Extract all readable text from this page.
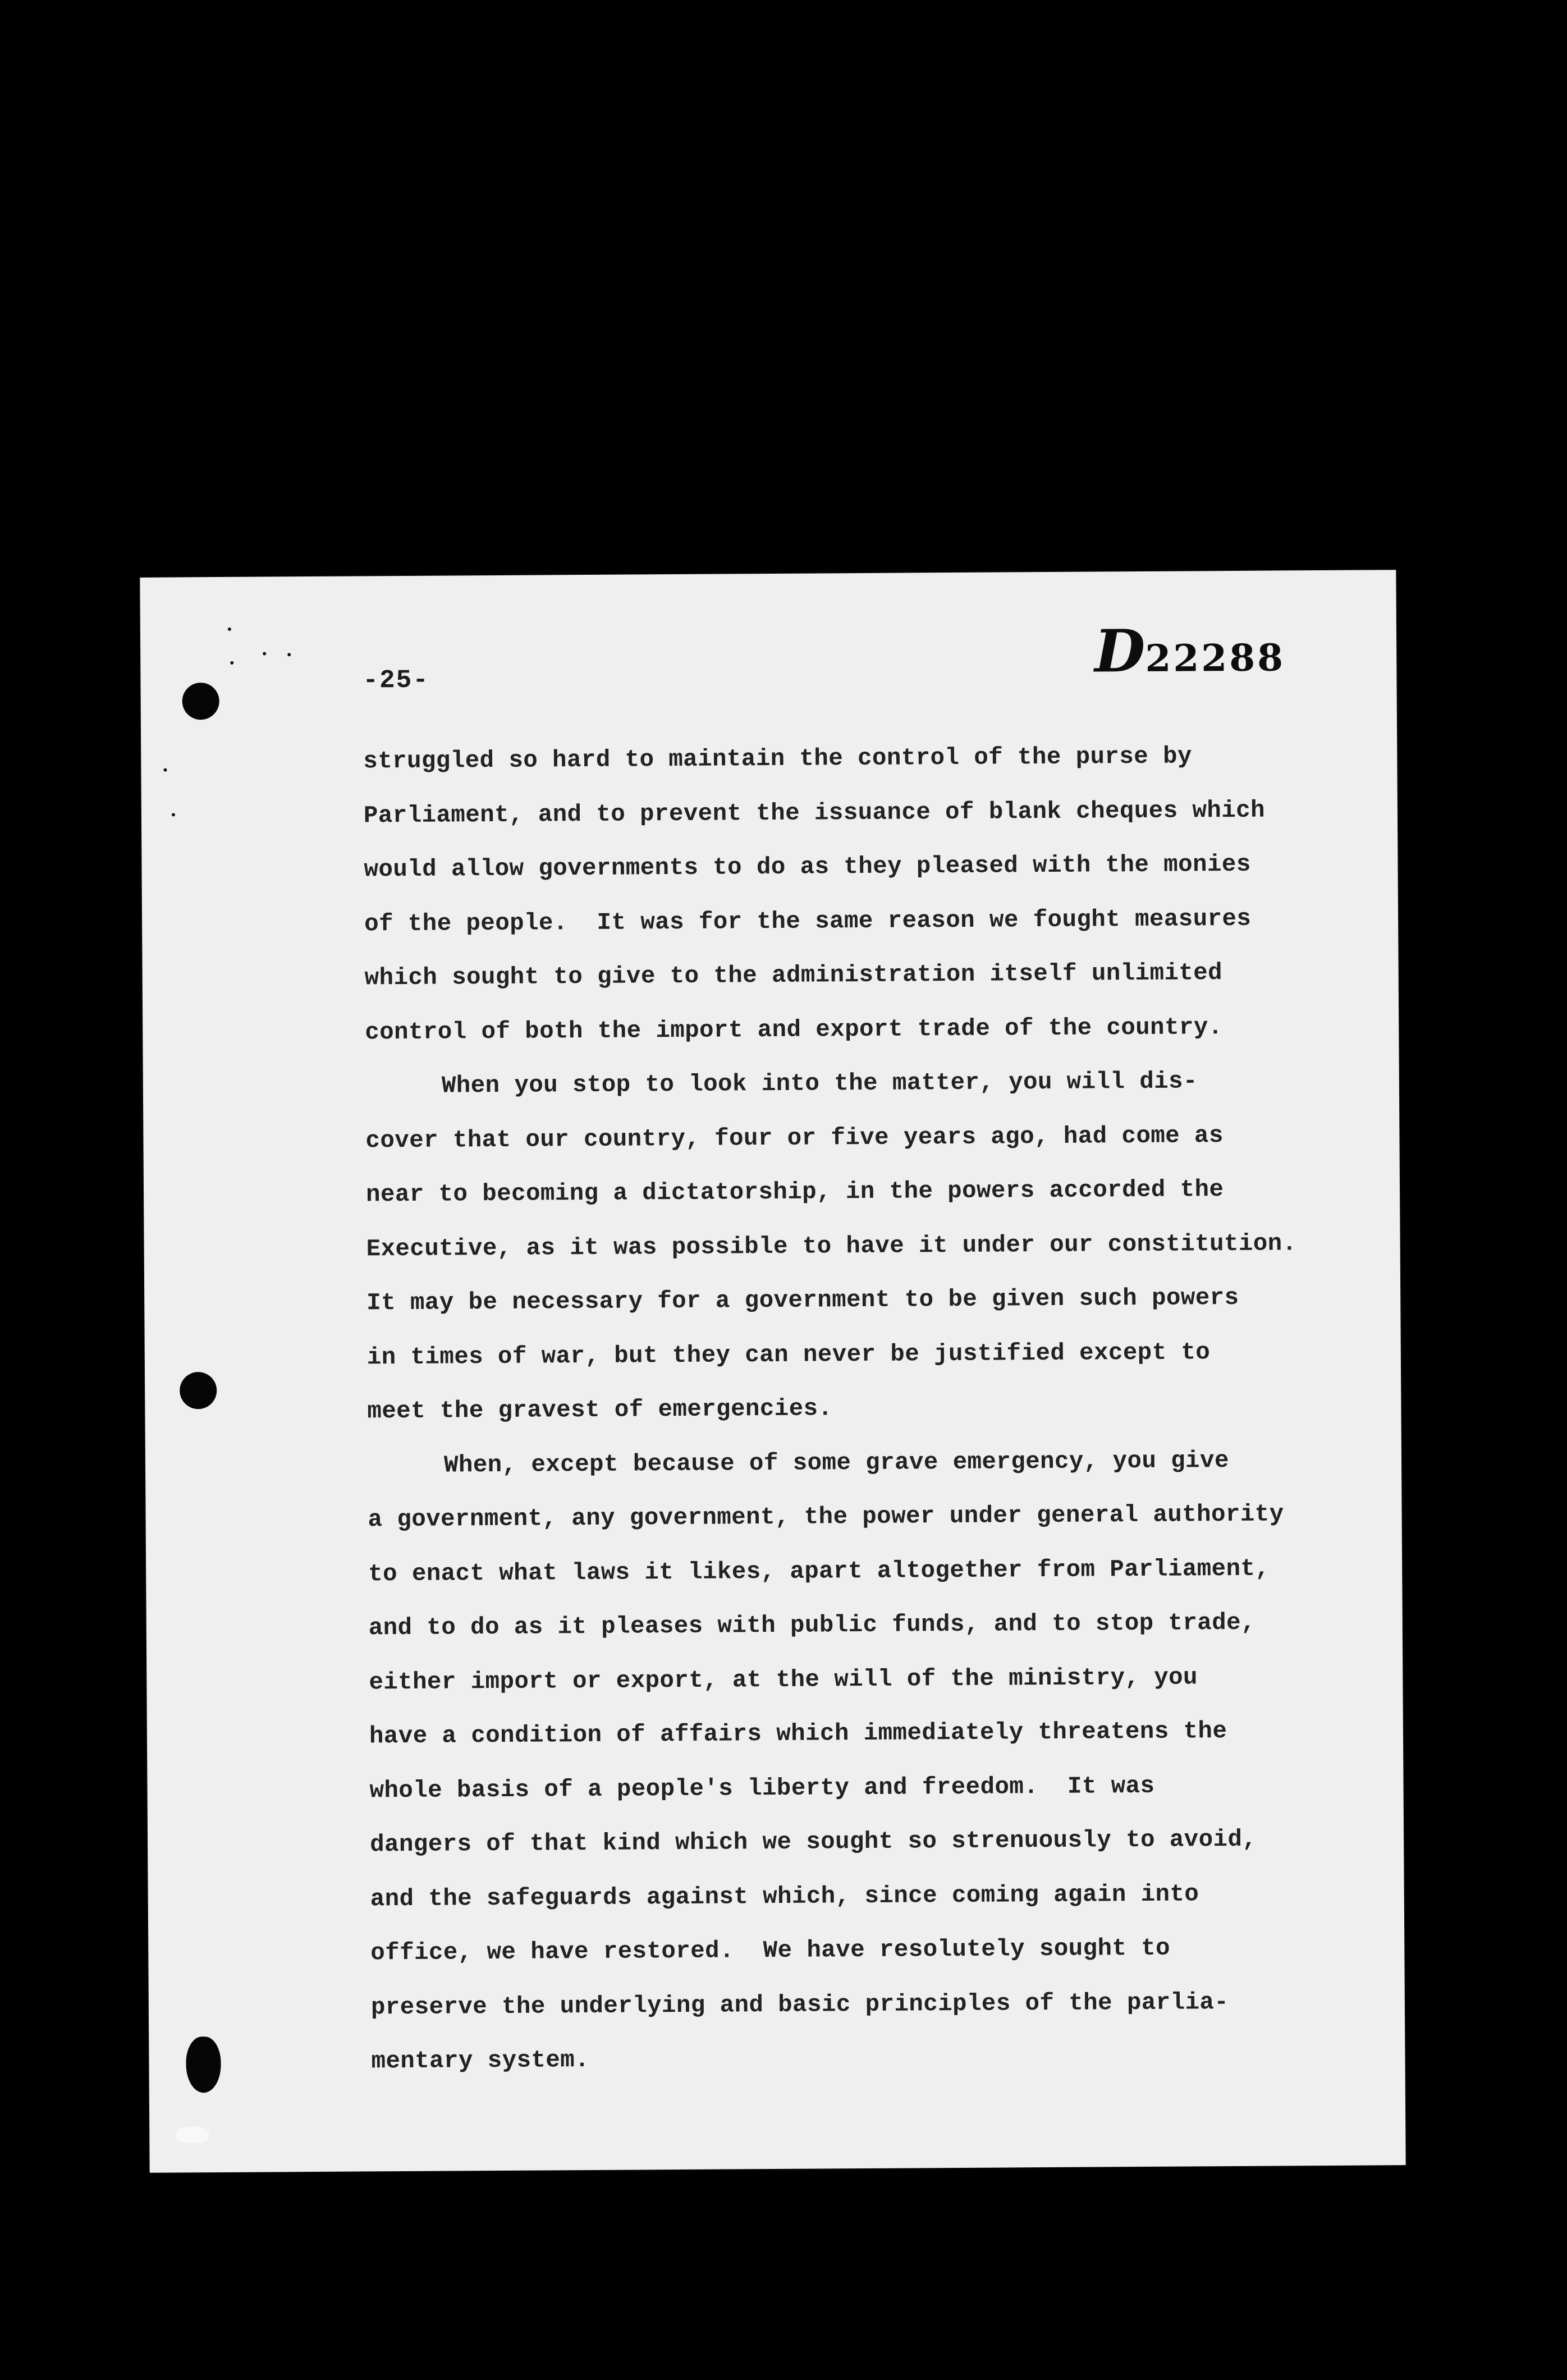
-25-	D22288
struggled so hard to maintain the control of the purse by
Parliament, and to prevent the issuance of blank cheques which
would allow governments to do as they pleased with the monies
of the people.  It was for the same reason we fought measures
which sought to give to the administration itself unlimited
control of both the import and export trade of the country.
When you stop to look into the matter, you will dis-
cover that our country, four or five years ago, had come as
near to becoming a dictatorship, in the powers accorded the
Executive, as it was possible to have it under our constitution.
It may be necessary for a government to be given such powers
in times of war, but they can never be justified except to
meet the gravest of emergencies.
When, except because of some grave emergency, you give
a government, any government, the power under general authority
to enact what laws it likes, apart altogether from Parliament,
and to do as it pleases with public funds, and to stop trade,
either import or export, at the will of the ministry, you
have a condition of affairs which immediately threatens the
whole basis of a people's liberty and freedom.  It was
dangers of that kind which we sought so strenuously to avoid,
and the safeguards against which, since coming again into
office, we have restored.  We have resolutely sought to
preserve the underlying and basic principles of the parlia-
mentary system.
